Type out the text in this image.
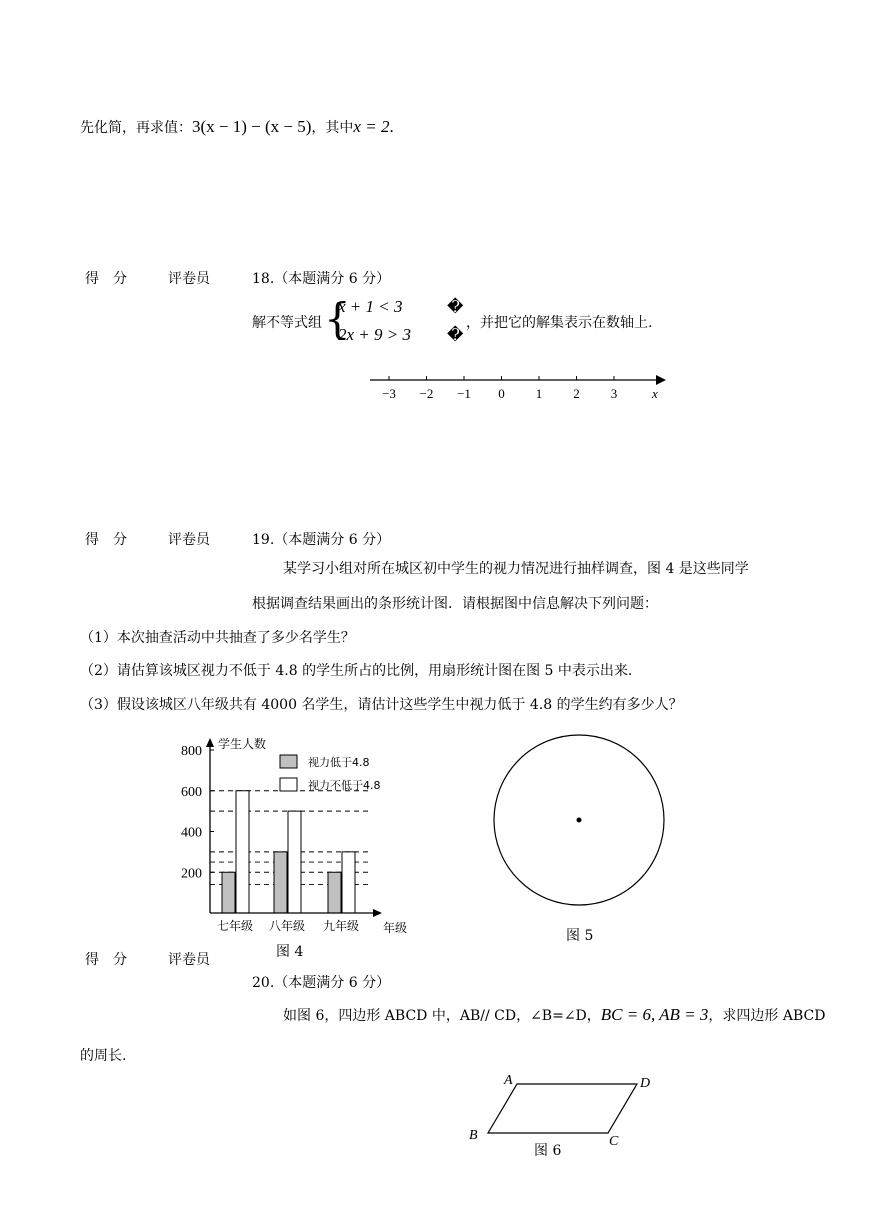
先化简，再求值：3(x − 1) − (x − 5)，其中x = 2.
得　分	评卷员	18.（本题满分 6 分）
解不等式组 {
x + 1 < 3
2x + 9 > 3
�
�
，并把它的解集表示在数轴上.
−3 −2 −1 0 1 2 3	x
得　分	评卷员	19.（本题满分 6 分）
某学习小组对所在城区初中学生的视力情况进行抽样调查，图 4 是这些同学
根据调查结果画出的条形统计图．请根据图中信息解决下列问题：
（1）本次抽查活动中共抽查了多少名学生？
（2）请估算该城区视力不低于 4.8 的学生所占的比例，用扇形统计图在图 5 中表示出来.
（3）假设该城区八年级共有 4000 名学生，请估计这些学生中视力低于 4.8 的学生约有多少人？
七年级 八年级 九年级
200
400
600
800 学生人数
年级
图 4
视力低于4.8
视力不低于4.8
图 5
得　分	评卷员
20.（本题满分 6 分）
如图 6，四边形 ABCD 中，AB// CD，∠B=∠D，BC = 6, AB = 3，求四边形 ABCD
的周长.
A	D
B	C
图 6
